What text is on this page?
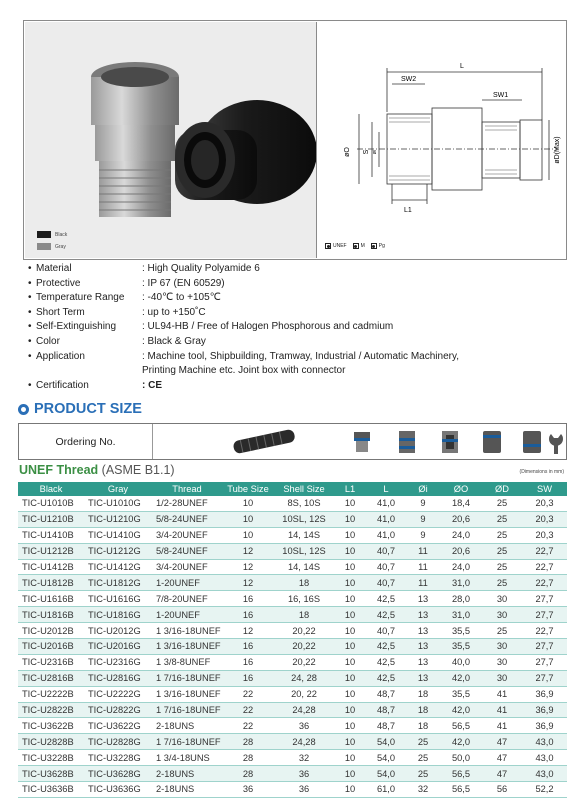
Black
Gray
L
SW2
SW1
L1
øO S øi	øD(Max)
UNEF	M	Pg
• Material	: High Quality Polyamide 6
• Protective	: IP 67 (EN 60529)
• Temperature Range	: -40℃ to +105℃
• Short Term	: up to +150˚C
• Self-Extinguishing	: UL94-HB / Free of Halogen Phosphorous and cadmium
• Color	: Black & Gray
• Application	: Machine tool, Shipbuilding, Tramway, Industrial / Automatic Machinery,
Printing Machine etc. Joint box with connector
• Certification	: CE
PRODUCT SIZE
Ordering No.
UNEF Thread (ASME B1.1)	(Dimensions in mm)
Black	Gray	Thread	Tube Size	Shell Size	L1	L	Øi	ØO	ØD	SW
TIC-U1010B	TIC-U1010G	1/2-28UNEF	10	8S, 10S	10	41,0	9	18,4	25	20,3
TIC-U1210B	TIC-U1210G	5/8-24UNEF	10	10SL, 12S	10	41,0	9	20,6	25	20,3
TIC-U1410B	TIC-U1410G	3/4-20UNEF	10	14, 14S	10	41,0	9	24,0	25	20,3
TIC-U1212B	TIC-U1212G	5/8-24UNEF	12	10SL, 12S	10	40,7	11	20,6	25	22,7
TIC-U1412B	TIC-U1412G	3/4-20UNEF	12	14, 14S	10	40,7	11	24,0	25	22,7
TIC-U1812B	TIC-U1812G	1-20UNEF	12	18	10	40,7	11	31,0	25	22,7
TIC-U1616B	TIC-U1616G	7/8-20UNEF	16	16, 16S	10	42,5	13	28,0	30	27,7
TIC-U1816B	TIC-U1816G	1-20UNEF	16	18	10	42,5	13	31,0	30	27,7
TIC-U2012B	TIC-U2012G	1 3/16-18UNEF	12	20,22	10	40,7	13	35,5	25	22,7
TIC-U2016B	TIC-U2016G	1 3/16-18UNEF	16	20,22	10	42,5	13	35,5	30	27,7
TIC-U2316B	TIC-U2316G	1 3/8-8UNEF	16	20,22	10	42,5	13	40,0	30	27,7
TIC-U2816B	TIC-U2816G	1 7/16-18UNEF	16	24, 28	10	42,5	13	42,0	30	27,7
TIC-U2222B	TIC-U2222G	1 3/16-18UNEF	22	20, 22	10	48,7	18	35,5	41	36,9
TIC-U2822B	TIC-U2822G	1 7/16-18UNEF	22	24,28	10	48,7	18	42,0	41	36,9
TIC-U3622B	TIC-U3622G	2-18UNS	22	36	10	48,7	18	56,5	41	36,9
TIC-U2828B	TIC-U2828G	1 7/16-18UNEF	28	24,28	10	54,0	25	42,0	47	43,0
TIC-U3228B	TIC-U3228G	1 3/4-18UNS	28	32	10	54,0	25	50,0	47	43,0
TIC-U3628B	TIC-U3628G	2-18UNS	28	36	10	54,0	25	56,5	47	43,0
TIC-U3636B	TIC-U3636G	2-18UNS	36	36	10	61,0	32	56,5	56	52,2
